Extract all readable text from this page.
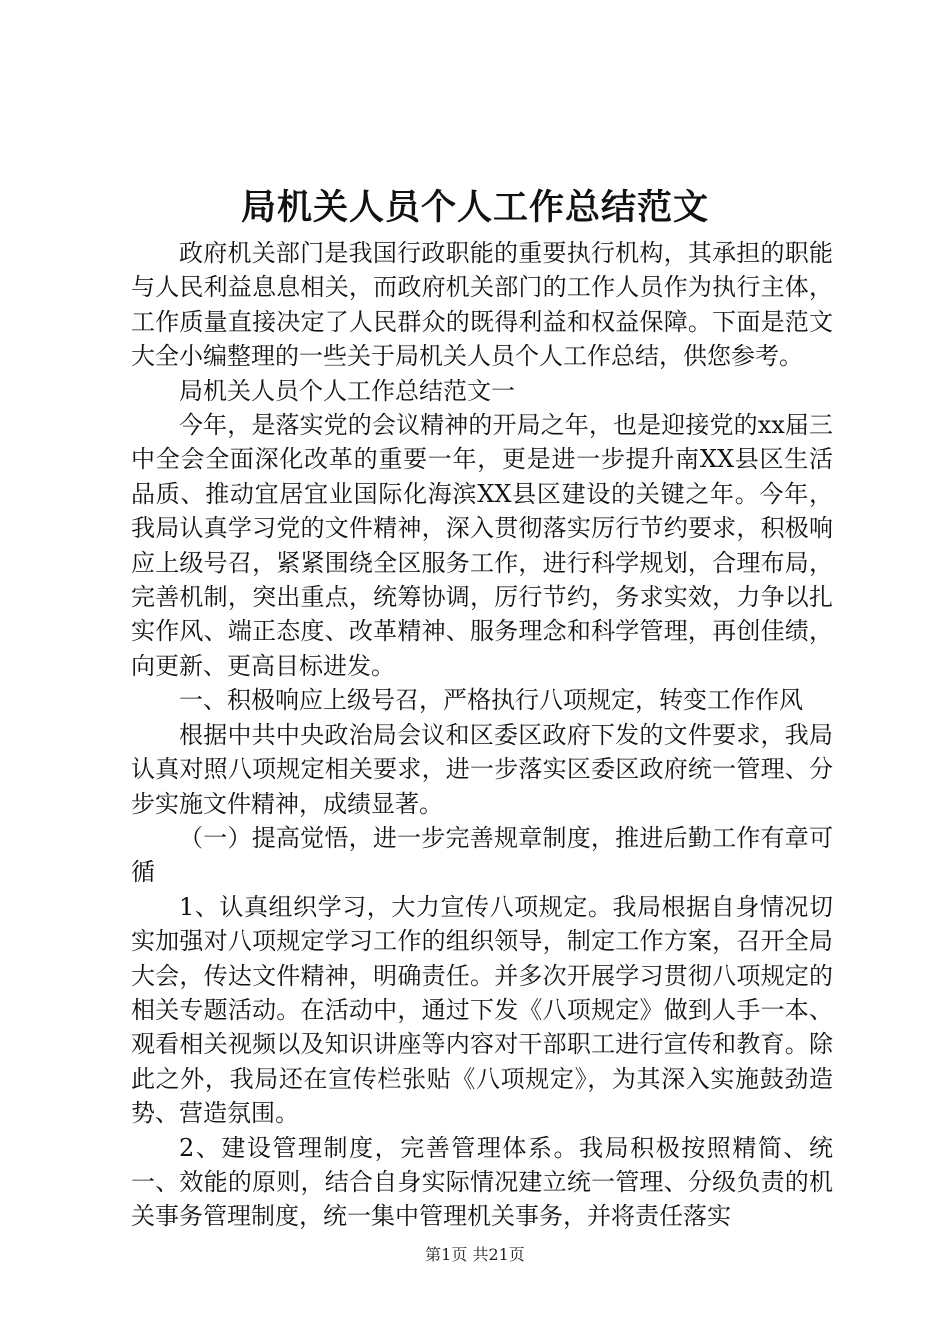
局机关人员个人工作总结范文

政府机关部门是我国行政职能的重要执行机构，其承担的职能与人民利益息息相关，而政府机关部门的工作人员作为执行主体，工作质量直接决定了人民群众的既得利益和权益保障。下面是范文大全小编整理的一些关于局机关人员个人工作总结，供您参考。

局机关人员个人工作总结范文一

今年，是落实党的会议精神的开局之年，也是迎接党的xx届三中全会全面深化改革的重要一年，更是进一步提升南XX县区生活品质、推动宜居宜业国际化海滨XX县区建设的关键之年。今年，我局认真学习党的文件精神，深入贯彻落实厉行节约要求，积极响应上级号召，紧紧围绕全区服务工作，进行科学规划，合理布局，完善机制，突出重点，统筹协调，厉行节约，务求实效，力争以扎实作风、端正态度、改革精神、服务理念和科学管理，再创佳绩，向更新、更高目标进发。

一、积极响应上级号召，严格执行八项规定，转变工作作风

根据中共中央政治局会议和区委区政府下发的文件要求，我局认真对照八项规定相关要求，进一步落实区委区政府统一管理、分步实施文件精神，成绩显著。

（一）提高觉悟，进一步完善规章制度，推进后勤工作有章可循

1、认真组织学习，大力宣传八项规定。我局根据自身情况切实加强对八项规定学习工作的组织领导，制定工作方案，召开全局大会，传达文件精神，明确责任。并多次开展学习贯彻八项规定的相关专题活动。在活动中，通过下发《八项规定》做到人手一本、观看相关视频以及知识讲座等内容对干部职工进行宣传和教育。除此之外，我局还在宣传栏张贴《八项规定》，为其深入实施鼓劲造势、营造氛围。

2、建设管理制度，完善管理体系。我局积极按照精简、统一、效能的原则，结合自身实际情况建立统一管理、分级负责的机关事务管理制度，统一集中管理机关事务，并将责任落实

第1页 共21页
